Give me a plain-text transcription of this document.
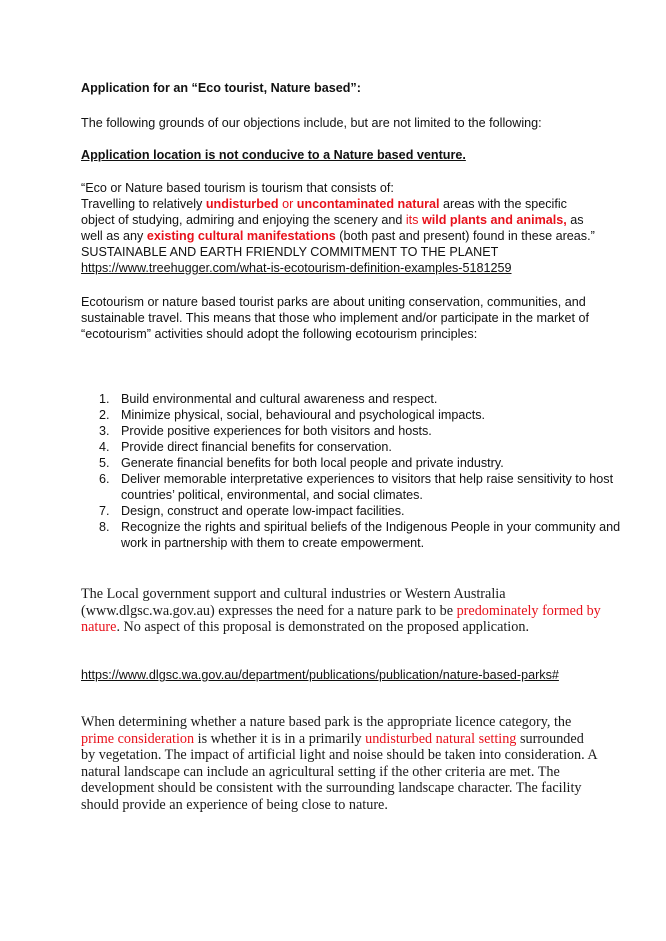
Application for an “Eco tourist, Nature based”:

The following grounds of our objections include, but are not limited to the following:

Application location is not conducive to a Nature based venture.

“Eco or Nature based tourism is tourism that consists of:
Travelling to relatively undisturbed or uncontaminated natural areas with the specific object of studying, admiring and enjoying the scenery and its wild plants and animals, as well as any existing cultural manifestations (both past and present) found in these areas.”
SUSTAINABLE AND EARTH FRIENDLY COMMITMENT TO THE PLANET
https://www.treehugger.com/what-is-ecotourism-definition-examples-5181259

Ecotourism or nature based tourist parks are about uniting conservation, communities, and sustainable travel. This means that those who implement and/or participate in the market of “ecotourism” activities should adopt the following ecotourism principles:

1. Build environmental and cultural awareness and respect.
2. Minimize physical, social, behavioural and psychological impacts.
3. Provide positive experiences for both visitors and hosts.
4. Provide direct financial benefits for conservation.
5. Generate financial benefits for both local people and private industry.
6. Deliver memorable interpretative experiences to visitors that help raise sensitivity to host countries’ political, environmental, and social climates.
7. Design, construct and operate low-impact facilities.
8. Recognize the rights and spiritual beliefs of the Indigenous People in your community and work in partnership with them to create empowerment.

The Local government support and cultural industries or Western Australia (www.dlgsc.wa.gov.au) expresses the need for a nature park to be predominately formed by nature. No aspect of this proposal is demonstrated on the proposed application.

https://www.dlgsc.wa.gov.au/department/publications/publication/nature-based-parks#

When determining whether a nature based park is the appropriate licence category, the prime consideration is whether it is in a primarily undisturbed natural setting surrounded by vegetation. The impact of artificial light and noise should be taken into consideration. A natural landscape can include an agricultural setting if the other criteria are met. The development should be consistent with the surrounding landscape character. The facility should provide an experience of being close to nature.
